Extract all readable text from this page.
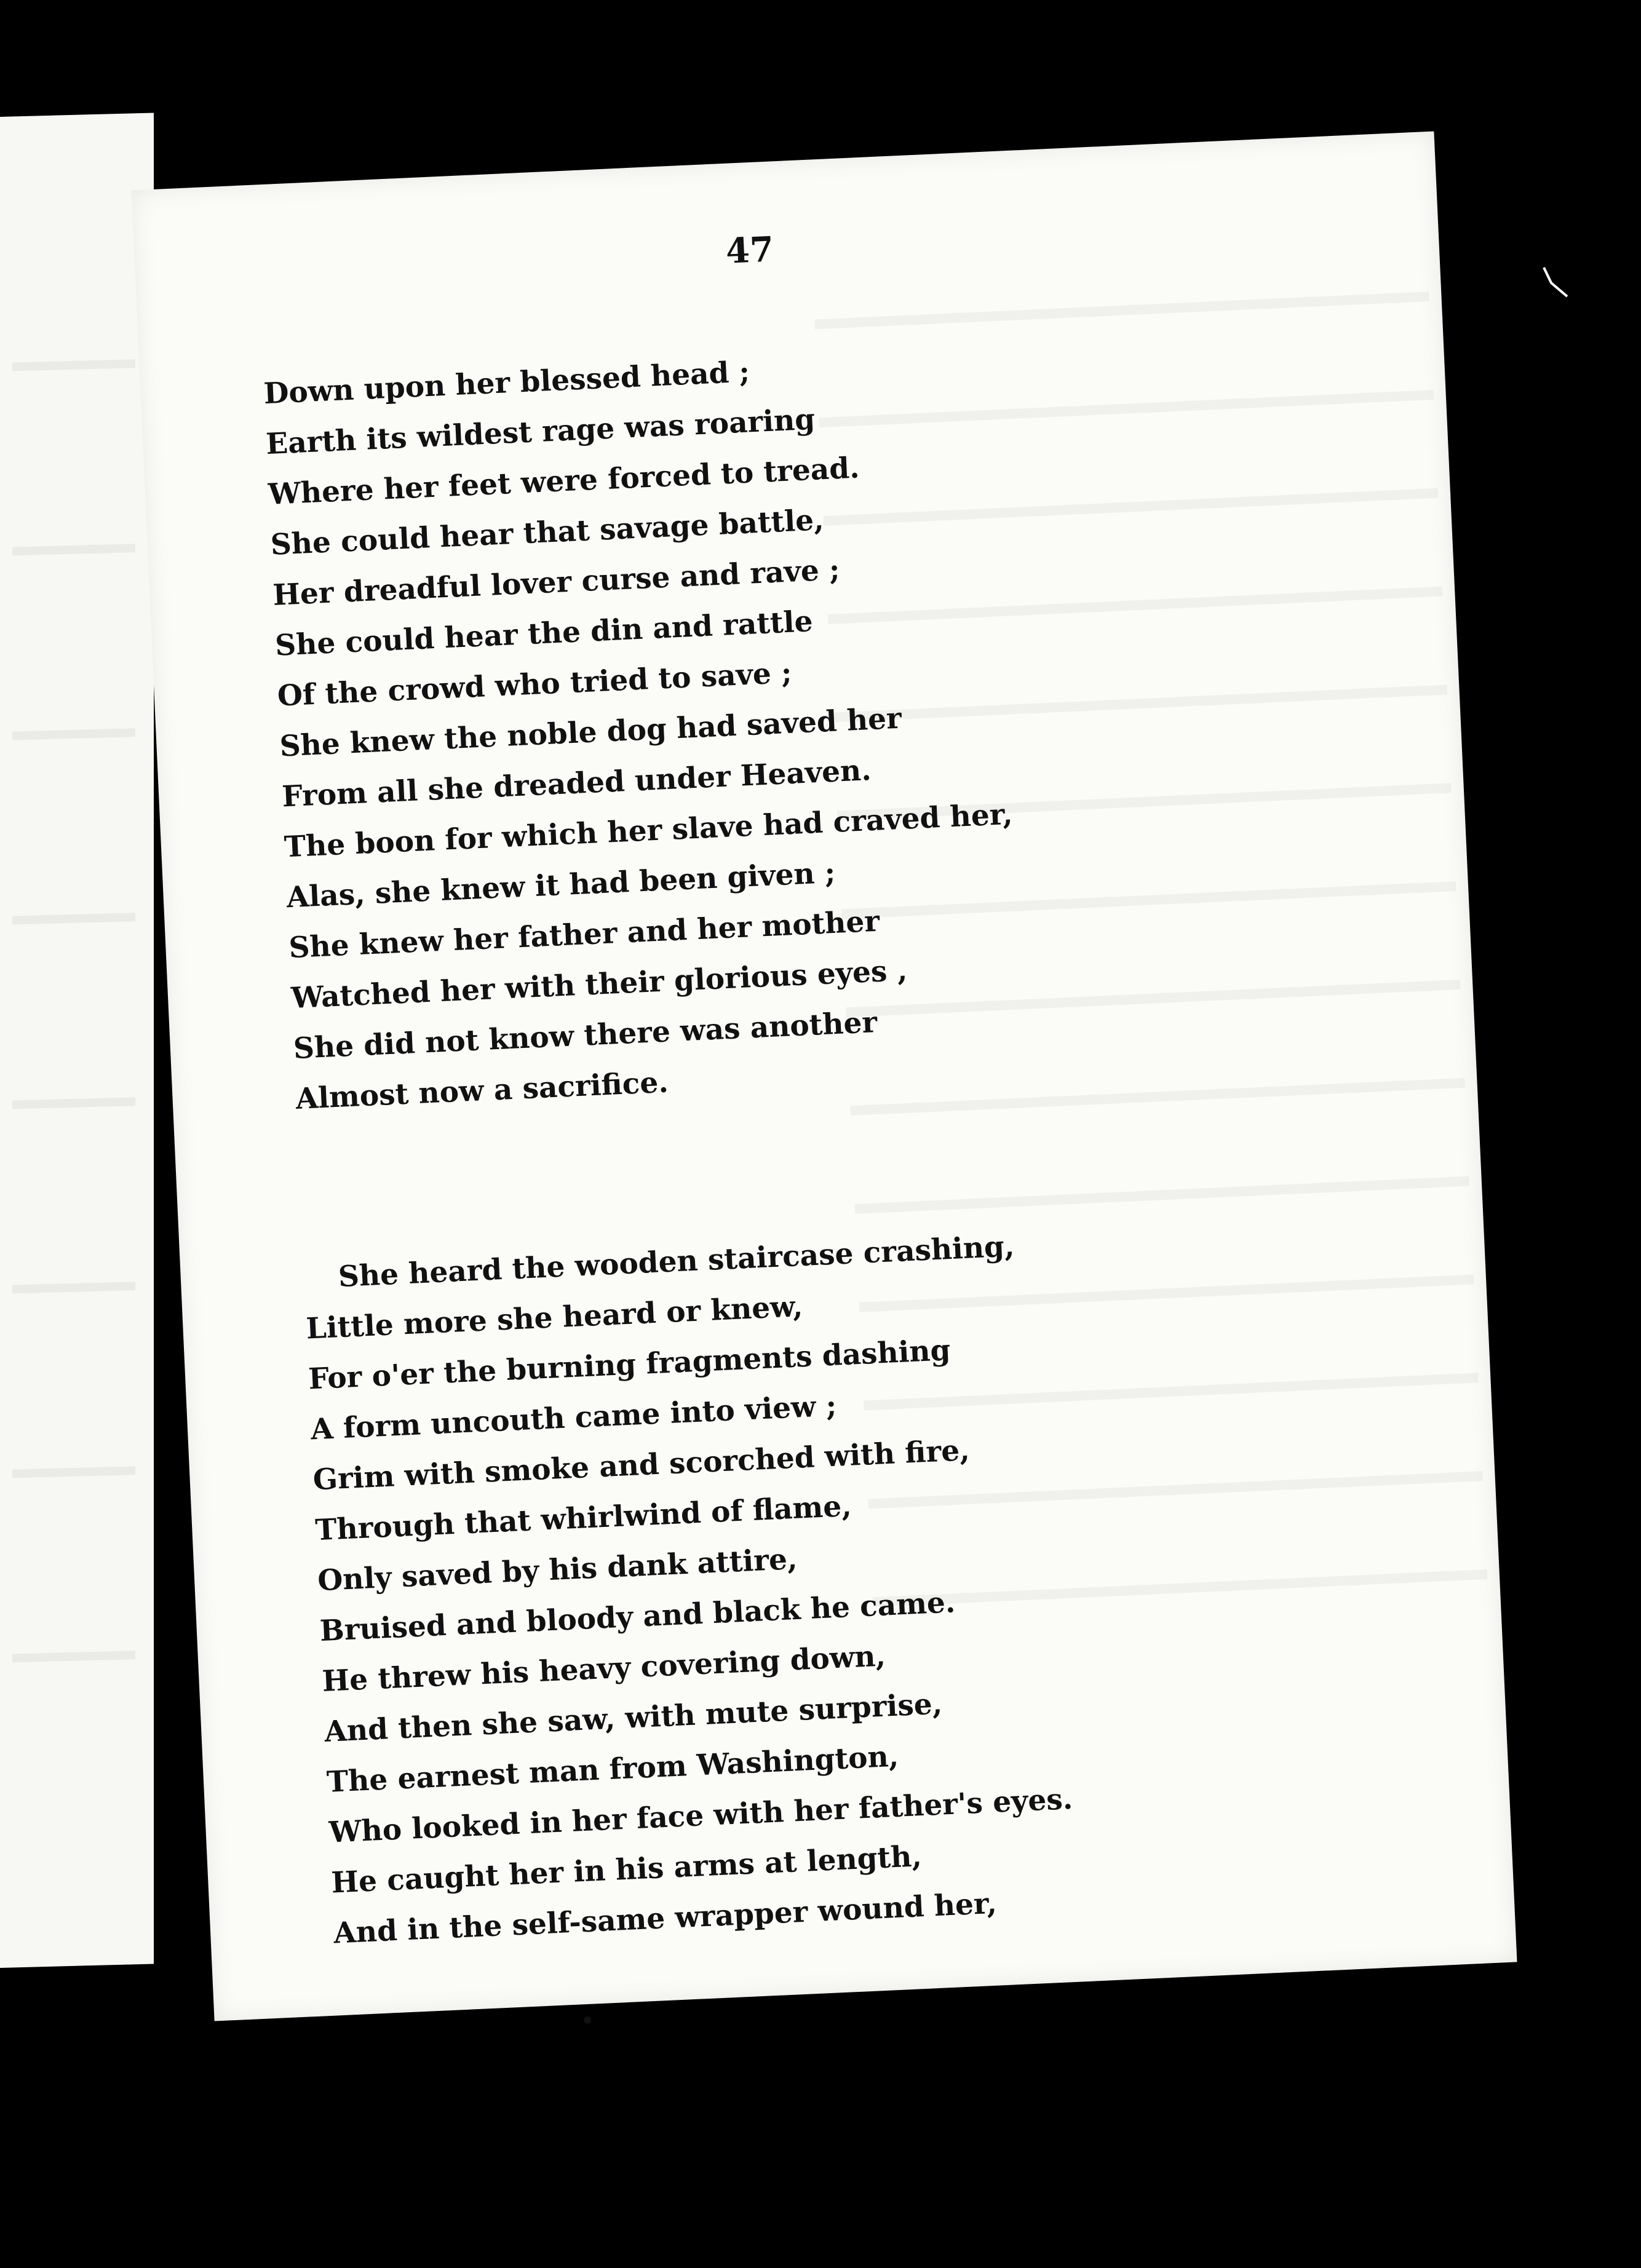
47
Down upon her blessed head ;
Earth its wildest rage was roaring
Where her feet were forced to tread.
She could hear that savage battle,
Her dreadful lover curse and rave ;
She could hear the din and rattle
Of the crowd who tried to save ;
She knew the noble dog had saved her
From all she dreaded under Heaven.
The boon for which her slave had craved her,
Alas, she knew it had been given ;
She knew her father and her mother
Watched her with their glorious eyes ,
She did not know there was another
Almost now a sacrifice.
She heard the wooden staircase crashing,
Little more she heard or knew,
For o'er the burning fragments dashing
A form uncouth came into view ;
Grim with smoke and scorched with fire,
Through that whirlwind of flame,
Only saved by his dank attire,
Bruised and bloody and black he came.
He threw his heavy covering down,
And then she saw, with mute surprise,
The earnest man from Washington,
Who looked in her face with her father's eyes.
He caught her in his arms at length,
And in the self-same wrapper wound her,
